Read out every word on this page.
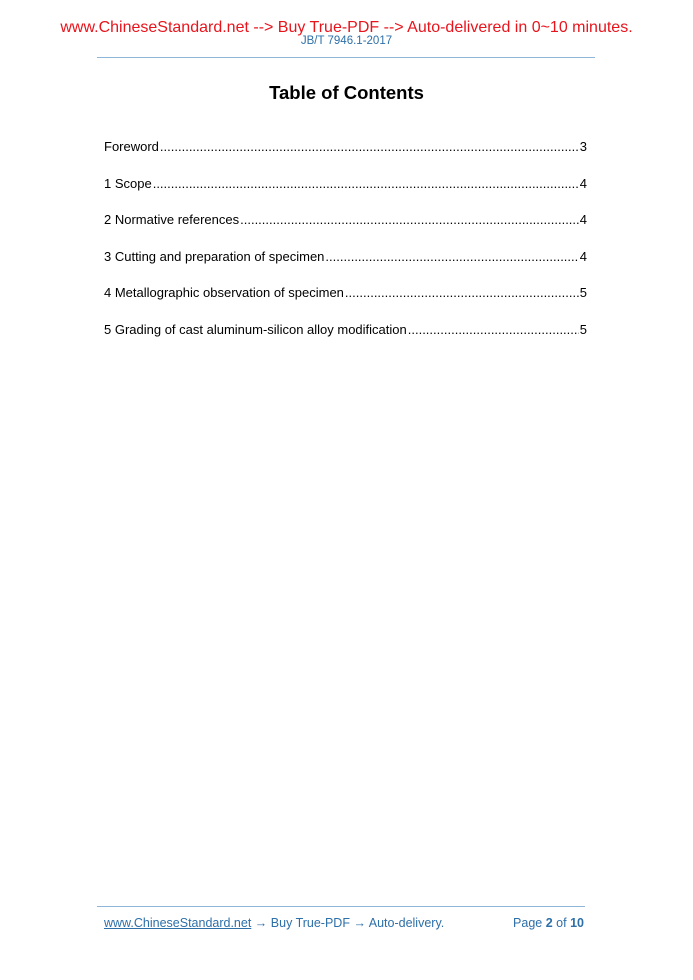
www.ChineseStandard.net --> Buy True-PDF --> Auto-delivered in 0~10 minutes.
JB/T 7946.1-2017
Table of Contents
Foreword .....	3
1 Scope .....	4
2 Normative references .....	4
3 Cutting and preparation of specimen .....	4
4 Metallographic observation of specimen .....	5
5 Grading of cast aluminum-silicon alloy modification .....	5
www.ChineseStandard.net → Buy True-PDF → Auto-delivery.	Page 2 of 10
